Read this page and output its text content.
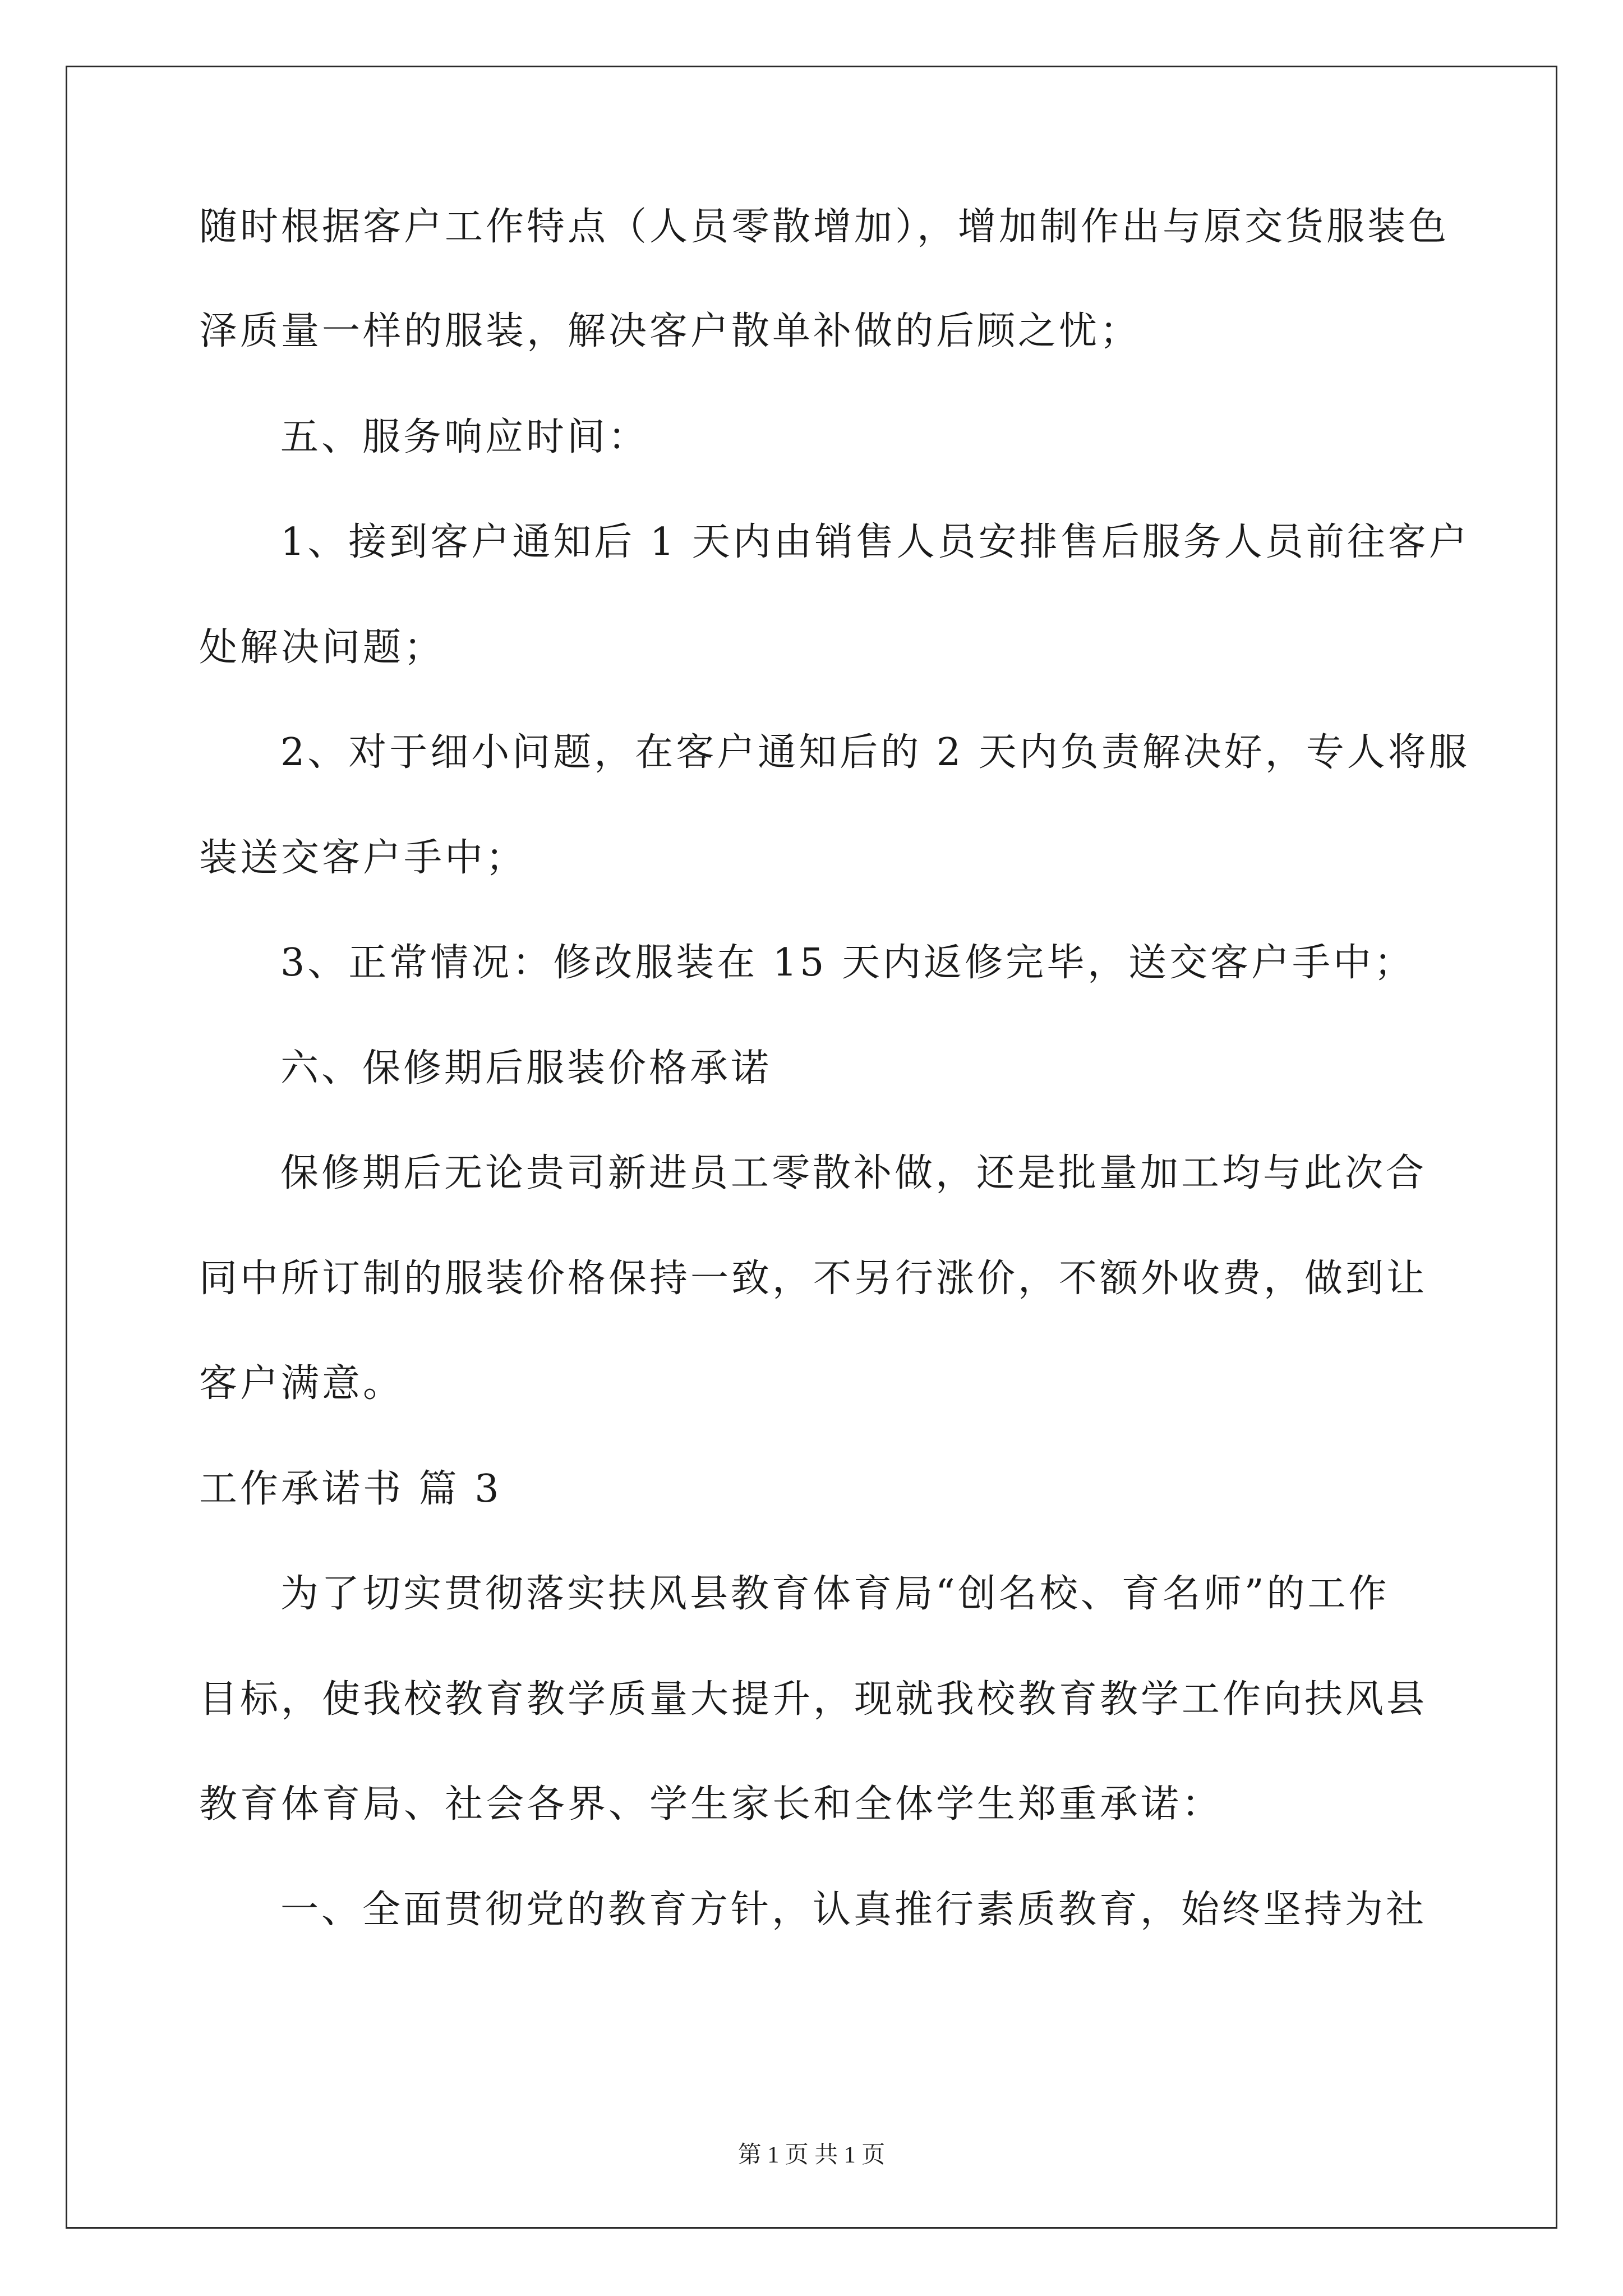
随时根据客户工作特点（人员零散增加），增加制作出与原交货服装色
泽质量一样的服装，解决客户散单补做的后顾之忧；
五、服务响应时间：
1、接到客户通知后 1 天内由销售人员安排售后服务人员前往客户
处解决问题；
2、对于细小问题，在客户通知后的 2 天内负责解决好，专人将服
装送交客户手中；
3、正常情况：修改服装在 15 天内返修完毕，送交客户手中；
六、保修期后服装价格承诺
保修期后无论贵司新进员工零散补做，还是批量加工均与此次合
同中所订制的服装价格保持一致，不另行涨价，不额外收费，做到让
客户满意。
工作承诺书 篇 3
为了切实贯彻落实扶风县教育体育局“创名校、育名师”的工作
目标，使我校教育教学质量大提升，现就我校教育教学工作向扶风县
教育体育局、社会各界、学生家长和全体学生郑重承诺：
一、全面贯彻党的教育方针，认真推行素质教育，始终坚持为社
第 1 页 共 1 页
